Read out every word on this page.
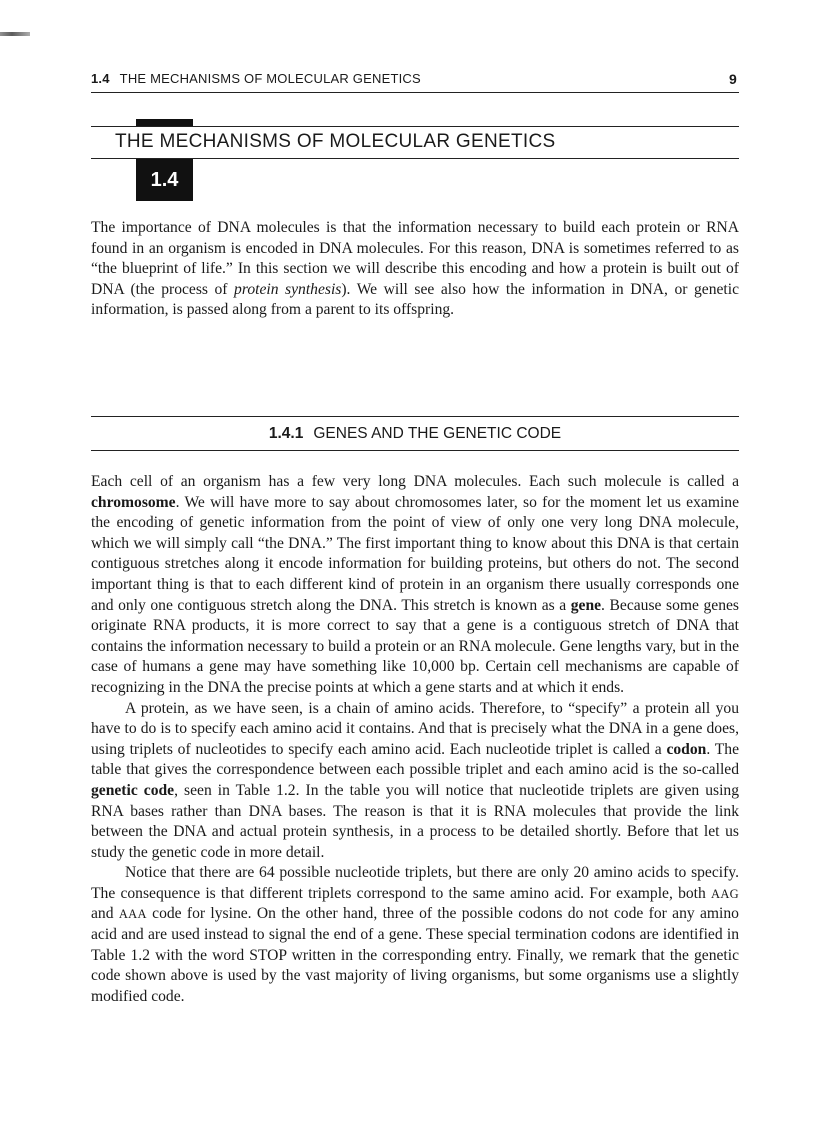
1.4 THE MECHANISMS OF MOLECULAR GENETICS	9
THE MECHANISMS OF MOLECULAR GENETICS
1.4

The importance of DNA molecules is that the information necessary to build each protein or RNA found in an organism is encoded in DNA molecules. For this reason, DNA is sometimes referred to as “the blueprint of life.” In this section we will describe this encoding and how a protein is built out of DNA (the process of protein synthesis). We will see also how the information in DNA, or genetic information, is passed along from a parent to its offspring.

1.4.1 GENES AND THE GENETIC CODE

Each cell of an organism has a few very long DNA molecules. Each such molecule is called a chromosome. We will have more to say about chromosomes later, so for the moment let us examine the encoding of genetic information from the point of view of only one very long DNA molecule, which we will simply call “the DNA.” The first important thing to know about this DNA is that certain contiguous stretches along it encode information for building proteins, but others do not. The second important thing is that to each different kind of protein in an organism there usually corresponds one and only one contiguous stretch along the DNA. This stretch is known as a gene. Because some genes originate RNA products, it is more correct to say that a gene is a contiguous stretch of DNA that contains the information necessary to build a protein or an RNA molecule. Gene lengths vary, but in the case of humans a gene may have something like 10,000 bp. Certain cell mechanisms are capable of recognizing in the DNA the precise points at which a gene starts and at which it ends.

A protein, as we have seen, is a chain of amino acids. Therefore, to “specify” a protein all you have to do is to specify each amino acid it contains. And that is precisely what the DNA in a gene does, using triplets of nucleotides to specify each amino acid. Each nucleotide triplet is called a codon. The table that gives the correspondence between each possible triplet and each amino acid is the so-called genetic code, seen in Table 1.2. In the table you will notice that nucleotide triplets are given using RNA bases rather than DNA bases. The reason is that it is RNA molecules that provide the link between the DNA and actual protein synthesis, in a process to be detailed shortly. Before that let us study the genetic code in more detail.

Notice that there are 64 possible nucleotide triplets, but there are only 20 amino acids to specify. The consequence is that different triplets correspond to the same amino acid. For example, both AAG and AAA code for lysine. On the other hand, three of the possible codons do not code for any amino acid and are used instead to signal the end of a gene. These special termination codons are identified in Table 1.2 with the word STOP written in the corresponding entry. Finally, we remark that the genetic code shown above is used by the vast majority of living organisms, but some organisms use a slightly modified code.
